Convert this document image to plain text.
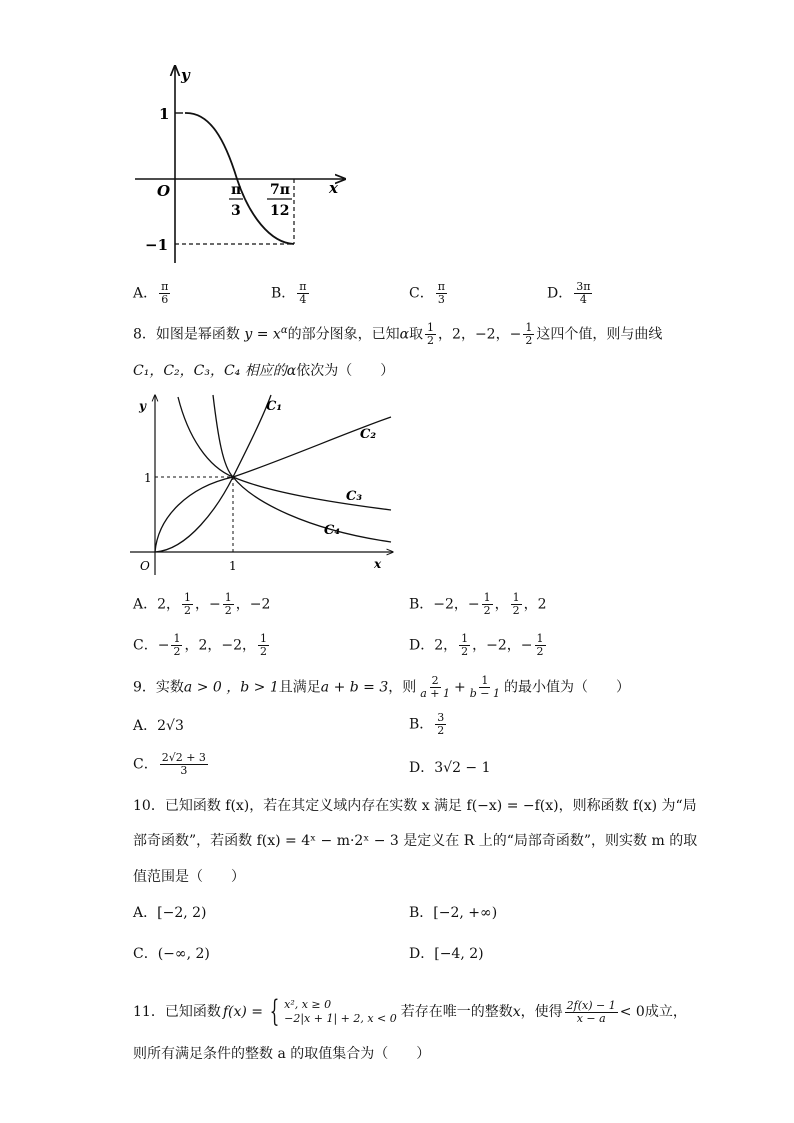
y
x
O
1
−1
π
3
7π
12
A． $\frac{\pi}{6}$	B． $\frac{\pi}{4}$	C． $\frac{\pi}{3}$	D． $\frac{3\pi}{4}$
8．如图是幂函数 $y = x^\alpha$的部分图象，已知α取 $\frac{1}{2}$ ，2，−2，− $\frac{1}{2}$ 这四个值，则与曲线
C₁，C₂，C₃，C₄ 相应的α依次为（　　）
y
x
O
1
1
C₁
C₂
C₃
C₄
A．2， $\frac{1}{2}$ ，− $\frac{1}{2}$ ，−2	B．−2，− $\frac{1}{2}$ ， $\frac{1}{2}$ ，2
C．− $\frac{1}{2}$ ，2，−2， $\frac{1}{2}$	D．2， $\frac{1}{2}$ ，−2，− $\frac{1}{2}$
9．实数a > 0 ，b > 1且满足a + b = 3，则 $\frac{2}{a + 1} + \frac{1}{b - 1}$ 的最小值为（　　）
A．2√3	B． $\frac{3}{2}$
C． $\frac{2√2 + 3}{3}$	D．3√2 − 1
10．已知函数 f(x)，若在其定义域内存在实数 x 满足 f(−x) = −f(x)，则称函数 f(x) 为“局
部奇函数”，若函数 f(x) = 4ˣ − m·2ˣ − 3 是定义在 R 上的“局部奇函数”，则实数 m 的取
值范围是（　　）
A．[−2, 2)	B．[−2, +∞)
C．(−∞, 2)	D．[−4, 2)
11． 已知函数 f(x) = { x², x ≥ 0
−2|x + 1| + 2, x < 0 若存在唯一的整数 x ，使得 $\frac{2f(x) - 1}{x - a} < 0$ 成立，
则所有满足条件的整数 a 的取值集合为（　　）
